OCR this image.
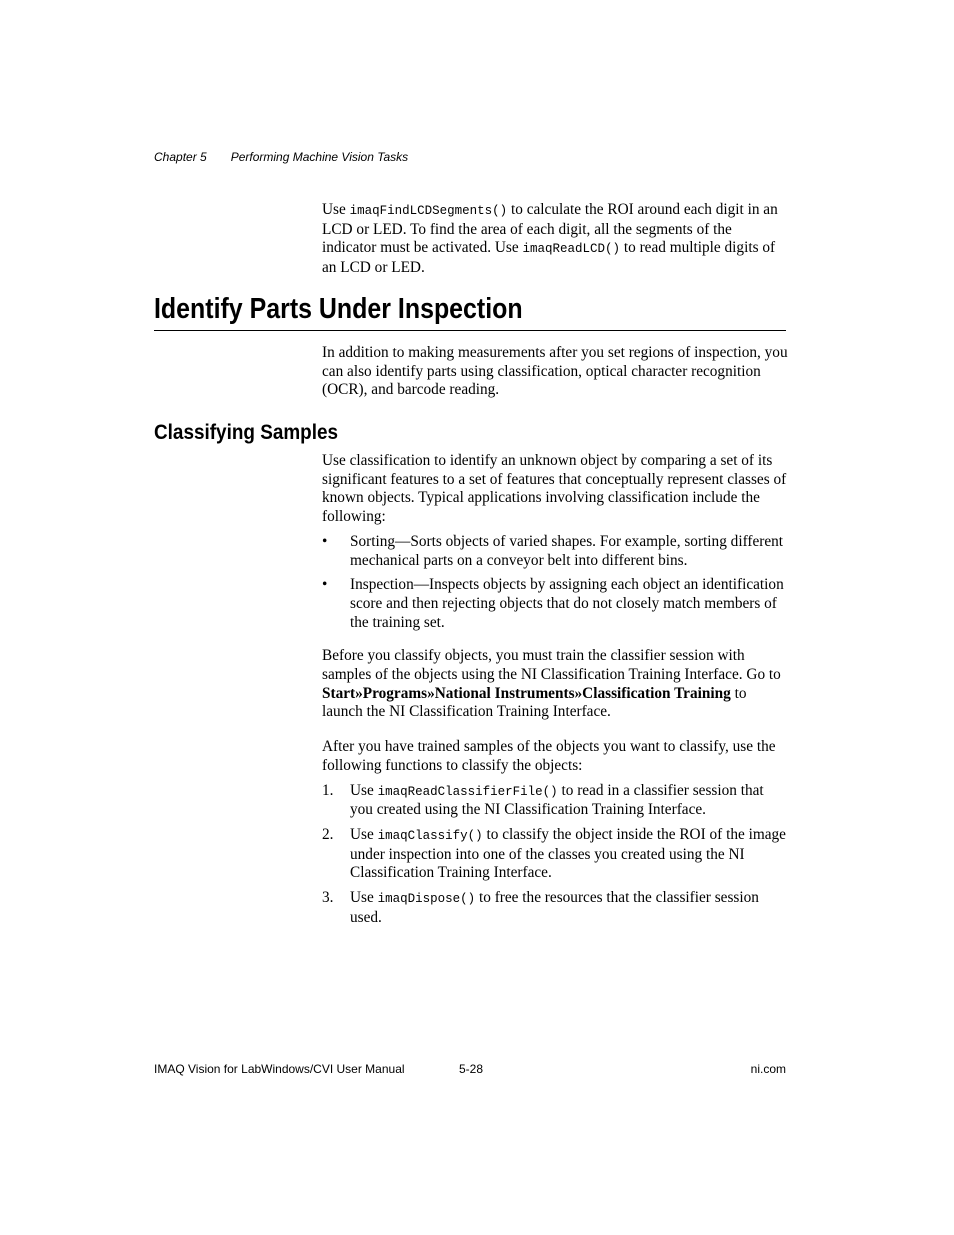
Chapter 5 Performing Machine Vision Tasks

Use imaqFindLCDSegments() to calculate the ROI around each digit in an LCD or LED. To find the area of each digit, all the segments of the indicator must be activated. Use imaqReadLCD() to read multiple digits of an LCD or LED.

Identify Parts Under Inspection

In addition to making measurements after you set regions of inspection, you can also identify parts using classification, optical character recognition (OCR), and barcode reading.

Classifying Samples

Use classification to identify an unknown object by comparing a set of its significant features to a set of features that conceptually represent classes of known objects. Typical applications involving classification include the following:

• Sorting—Sorts objects of varied shapes. For example, sorting different mechanical parts on a conveyor belt into different bins.
• Inspection—Inspects objects by assigning each object an identification score and then rejecting objects that do not closely match members of the training set.

Before you classify objects, you must train the classifier session with samples of the objects using the NI Classification Training Interface. Go to Start»Programs»National Instruments»Classification Training to launch the NI Classification Training Interface.

After you have trained samples of the objects you want to classify, use the following functions to classify the objects:

1. Use imaqReadClassifierFile() to read in a classifier session that you created using the NI Classification Training Interface.
2. Use imaqClassify() to classify the object inside the ROI of the image under inspection into one of the classes you created using the NI Classification Training Interface.
3. Use imaqDispose() to free the resources that the classifier session used.
IMAQ Vision for LabWindows/CVI User Manual	5-28	ni.com
